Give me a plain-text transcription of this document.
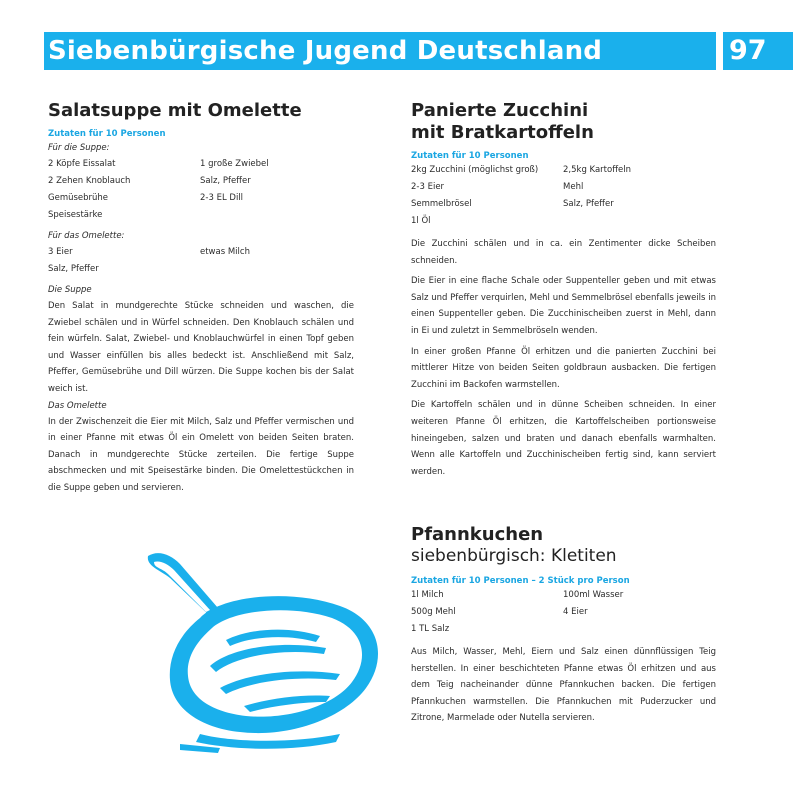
Siebenbürgische Jugend Deutschland	97
Salatsuppe mit Omelette
Zutaten für 10 Personen
Für die Suppe:
2 Köpfe Eissalat	1 große Zwiebel
2 Zehen Knoblauch	Salz, Pfeffer
Gemüsebrühe	2-3 EL Dill
Speisestärke
Für das Omelette:
3 Eier	etwas Milch
Salz, Pfeffer
Die Suppe

Den Salat in mundgerechte Stücke schneiden und waschen, die Zwiebel schälen und in Würfel schneiden. Den Knoblauch schälen und fein würfeln. Salat, Zwiebel- und Knoblauchwürfel in einen Topf geben und Wasser einfüllen bis alles bedeckt ist. Anschließend mit Salz, Pfeffer, Gemüsebrühe und Dill würzen. Die Suppe kochen bis der Salat weich ist.

Das Omelette

In der Zwischenzeit die Eier mit Milch, Salz und Pfeffer vermischen und in einer Pfanne mit etwas Öl ein Omelett von beiden Seiten braten. Danach in mundgerechte Stücke zerteilen. Die fertige Suppe abschmecken und mit Speisestärke binden. Die Omelettestückchen in die Suppe geben und servieren.

Panierte Zucchini
mit Bratkartoffeln
Zutaten für 10 Personen
2kg Zucchini (möglichst groß)	2,5kg Kartoffeln
2-3 Eier	Mehl
Semmelbrösel	Salz, Pfeffer
1l Öl

Die Zucchini schälen und in ca. ein Zentimenter dicke Scheiben schneiden.

Die Eier in eine flache Schale oder Suppenteller geben und mit etwas Salz und Pfeffer verquirlen, Mehl und Semmelbrösel ebenfalls jeweils in einen Suppenteller geben. Die Zucchinischeiben zuerst in Mehl, dann in Ei und zuletzt in Semmelbröseln wenden.

In einer großen Pfanne Öl erhitzen und die panierten Zucchini bei mittlerer Hitze von beiden Seiten goldbraun ausbacken. Die fertigen Zucchini im Backofen warmstellen.

Die Kartoffeln schälen und in dünne Scheiben schneiden. In einer weiteren Pfanne Öl erhitzen, die Kartoffelscheiben portionsweise hineingeben, salzen und braten und danach ebenfalls warmhalten. Wenn alle Kartoffeln und Zucchinischeiben fertig sind, kann serviert werden.

Pfannkuchen
siebenbürgisch: Kletiten
Zutaten für 10 Personen – 2 Stück pro Person
1l Milch	100ml Wasser
500g Mehl	4 Eier
1 TL Salz

Aus Milch, Wasser, Mehl, Eiern und Salz einen dünnflüssigen Teig herstellen. In einer beschichteten Pfanne etwas Öl erhitzen und aus dem Teig nacheinander dünne Pfannkuchen backen. Die fertigen Pfannkuchen warmstellen. Die Pfannkuchen mit Puderzucker und Zitrone, Marmelade oder Nutella servieren.
